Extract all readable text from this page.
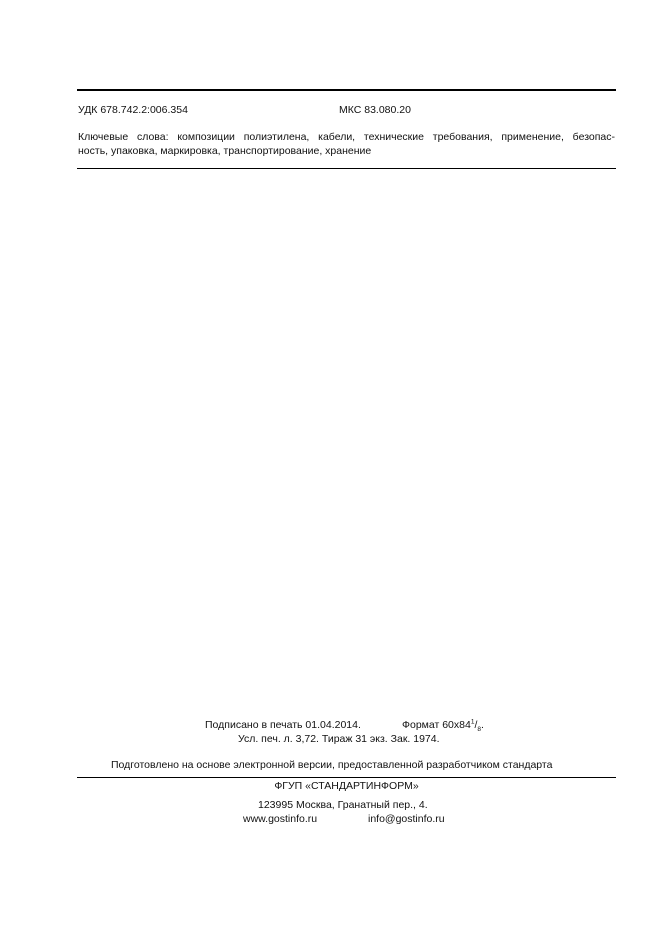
УДК 678.742.2:006.354	МКС 83.080.20
Ключевые слова: композиции полиэтилена, кабели, технические требования, применение, безопас-
ность, упаковка, маркировка, транспортирование, хранение
Подписано в печать 01.04.2014.	Формат $60х84^1/_8$.
Усл. печ. л. 3,72. Тираж 31 экз. Зак. 1974.
Подготовлено на основе электронной версии, предоставленной разработчиком стандарта
ФГУП «СТАНДАРТИНФОРМ»
123995 Москва, Гранатный пер., 4.
www.gostinfo.ru	info@gostinfo.ru
